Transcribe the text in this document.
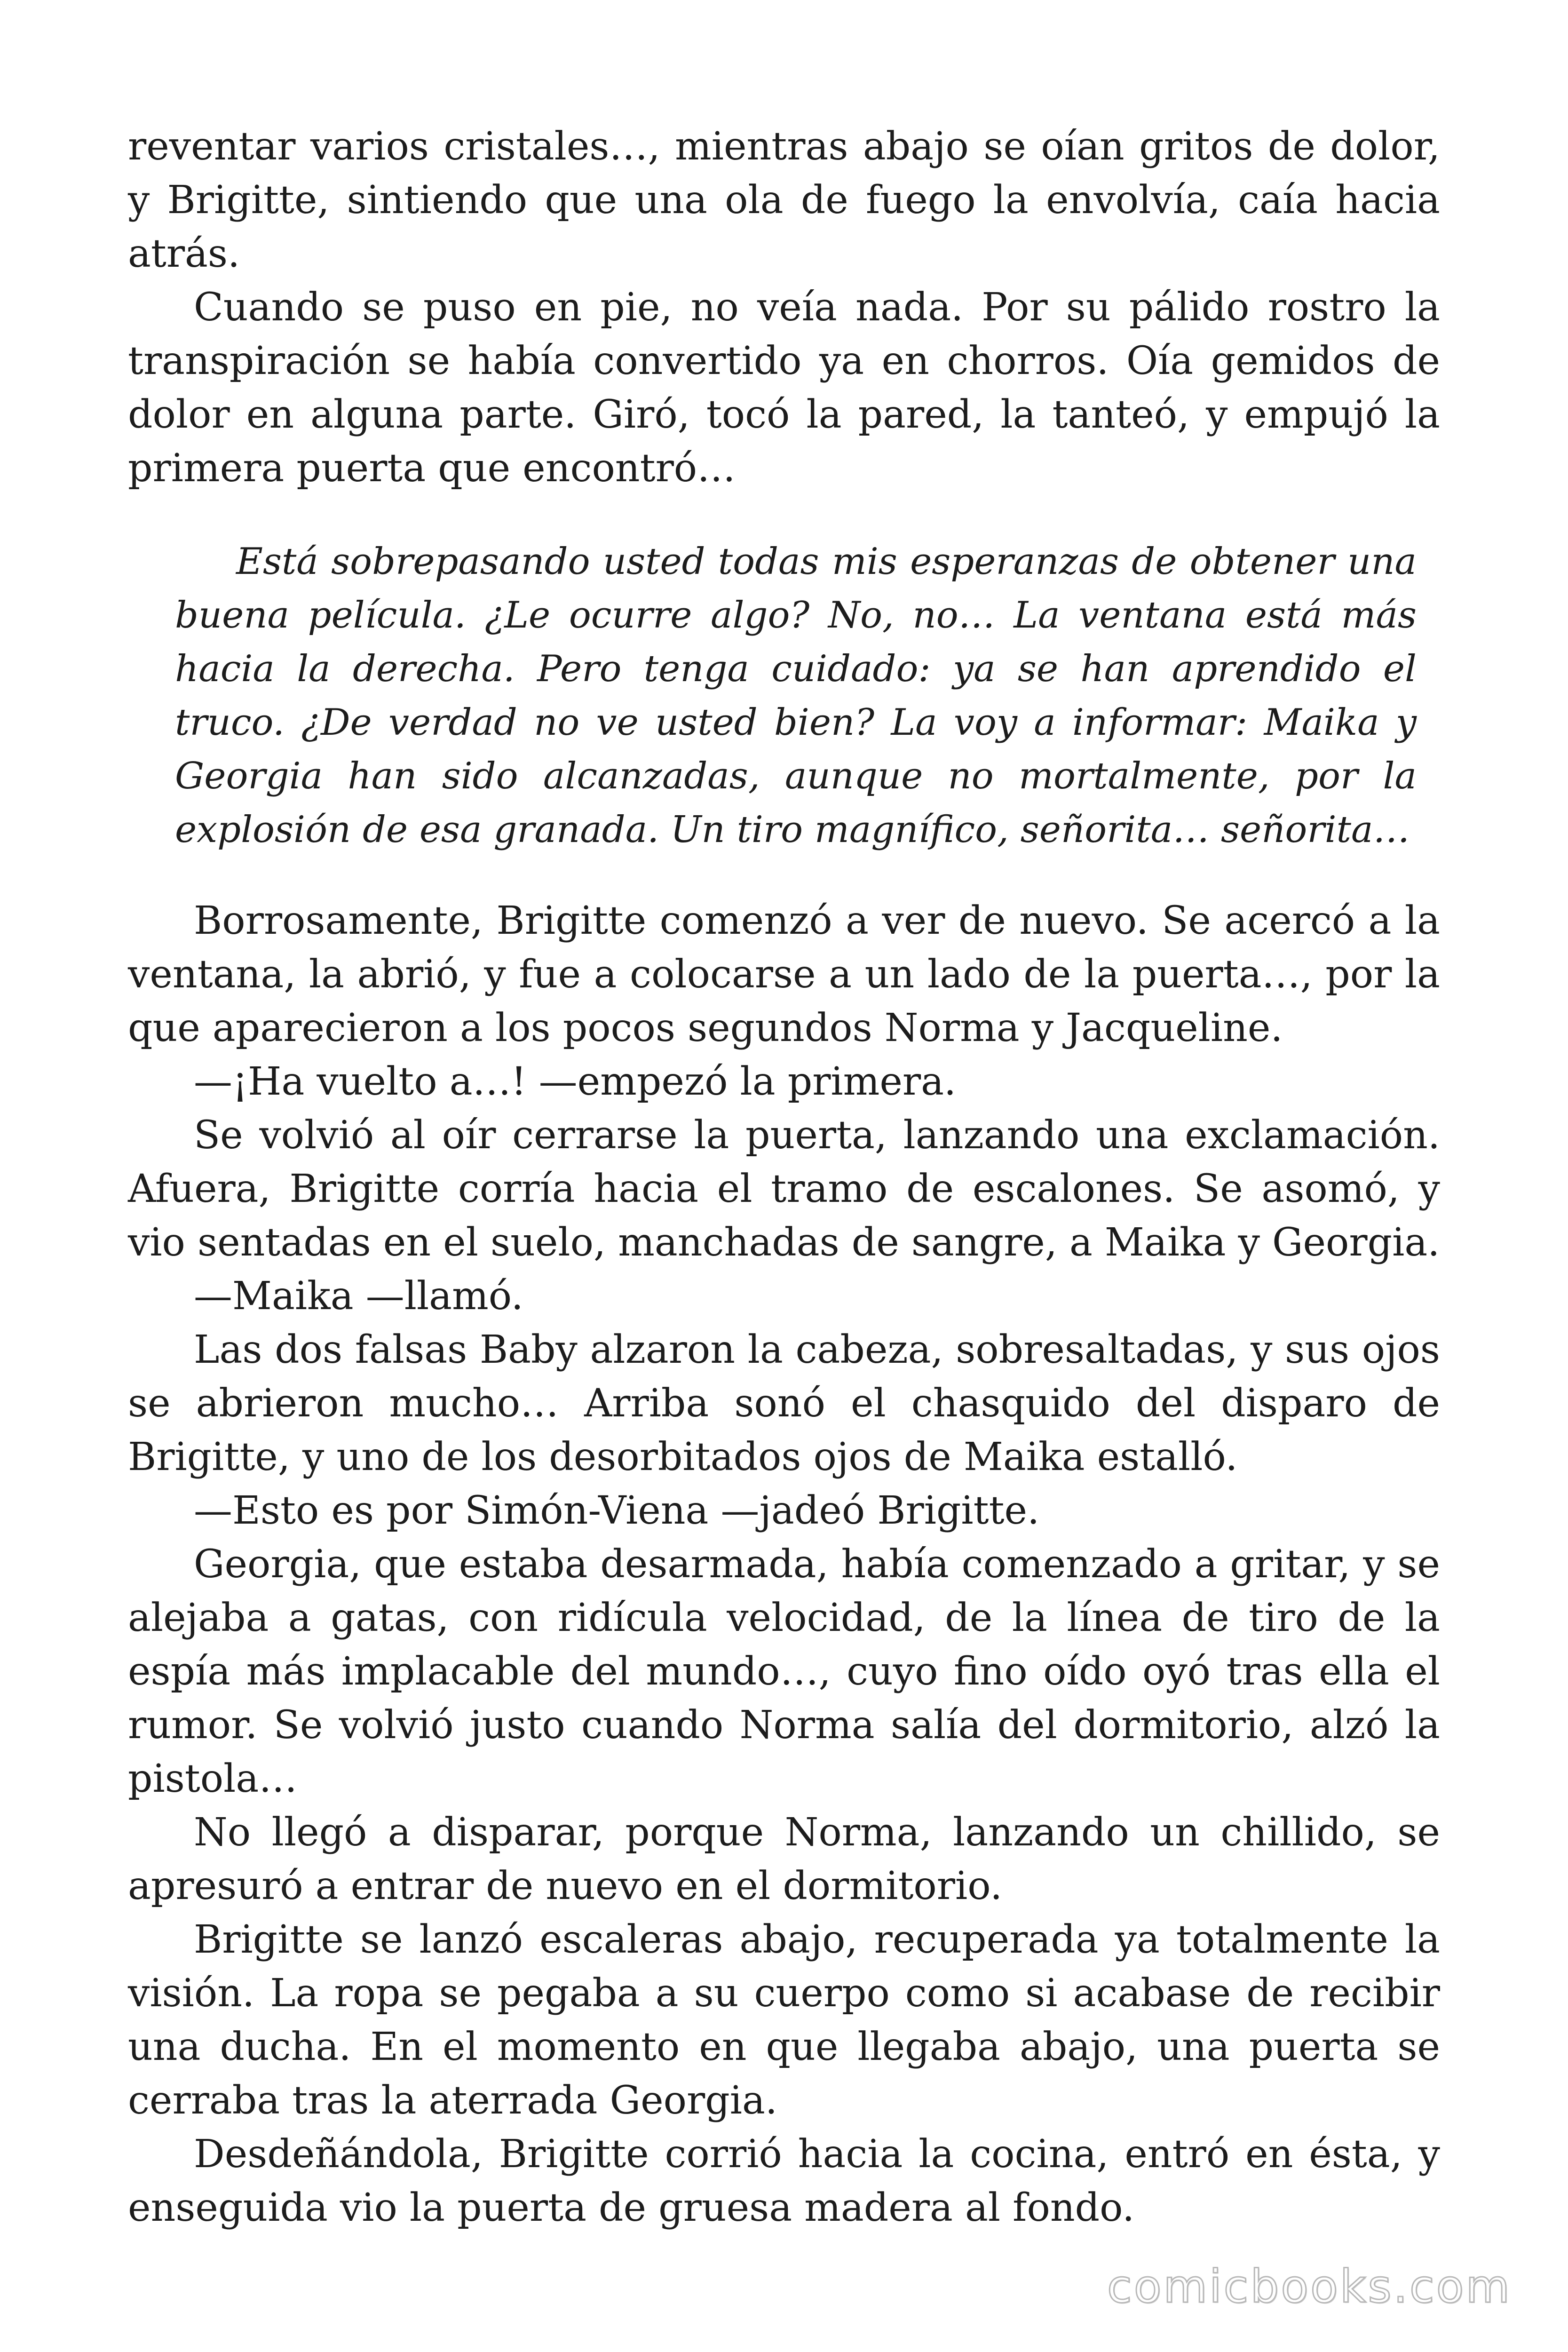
reventar varios cristales…, mientras abajo se oían gritos de dolor, y Brigitte, sintiendo que una ola de fuego la envolvía, caía hacia atrás.

Cuando se puso en pie, no veía nada. Por su pálido rostro la transpiración se había convertido ya en chorros. Oía gemidos de dolor en alguna parte. Giró, tocó la pared, la tanteó, y empujó la primera puerta que encontró…

Está sobrepasando usted todas mis esperanzas de obtener una buena película. ¿Le ocurre algo? No, no… La ventana está más hacia la derecha. Pero tenga cuidado: ya se han aprendido el truco. ¿De verdad no ve usted bien? La voy a informar: Maika y Georgia han sido alcanzadas, aunque no mortalmente, por la explosión de esa granada. Un tiro magnífico, señorita… señorita…

Borrosamente, Brigitte comenzó a ver de nuevo. Se acercó a la ventana, la abrió, y fue a colocarse a un lado de la puerta…, por la que aparecieron a los pocos segundos Norma y Jacqueline.

—¡Ha vuelto a…! —empezó la primera.

Se volvió al oír cerrarse la puerta, lanzando una exclamación. Afuera, Brigitte corría hacia el tramo de escalones. Se asomó, y vio sentadas en el suelo, manchadas de sangre, a Maika y Georgia.

—Maika —llamó.

Las dos falsas Baby alzaron la cabeza, sobresaltadas, y sus ojos se abrieron mucho… Arriba sonó el chasquido del disparo de Brigitte, y uno de los desorbitados ojos de Maika estalló.

—Esto es por Simón-Viena —jadeó Brigitte.

Georgia, que estaba desarmada, había comenzado a gritar, y se alejaba a gatas, con ridícula velocidad, de la línea de tiro de la espía más implacable del mundo…, cuyo fino oído oyó tras ella el rumor. Se volvió justo cuando Norma salía del dormitorio, alzó la pistola…

No llegó a disparar, porque Norma, lanzando un chillido, se apresuró a entrar de nuevo en el dormitorio.

Brigitte se lanzó escaleras abajo, recuperada ya totalmente la visión. La ropa se pegaba a su cuerpo como si acabase de recibir una ducha. En el momento en que llegaba abajo, una puerta se cerraba tras la aterrada Georgia.

Desdeñándola, Brigitte corrió hacia la cocina, entró en ésta, y enseguida vio la puerta de gruesa madera al fondo.

comicbooks.com
